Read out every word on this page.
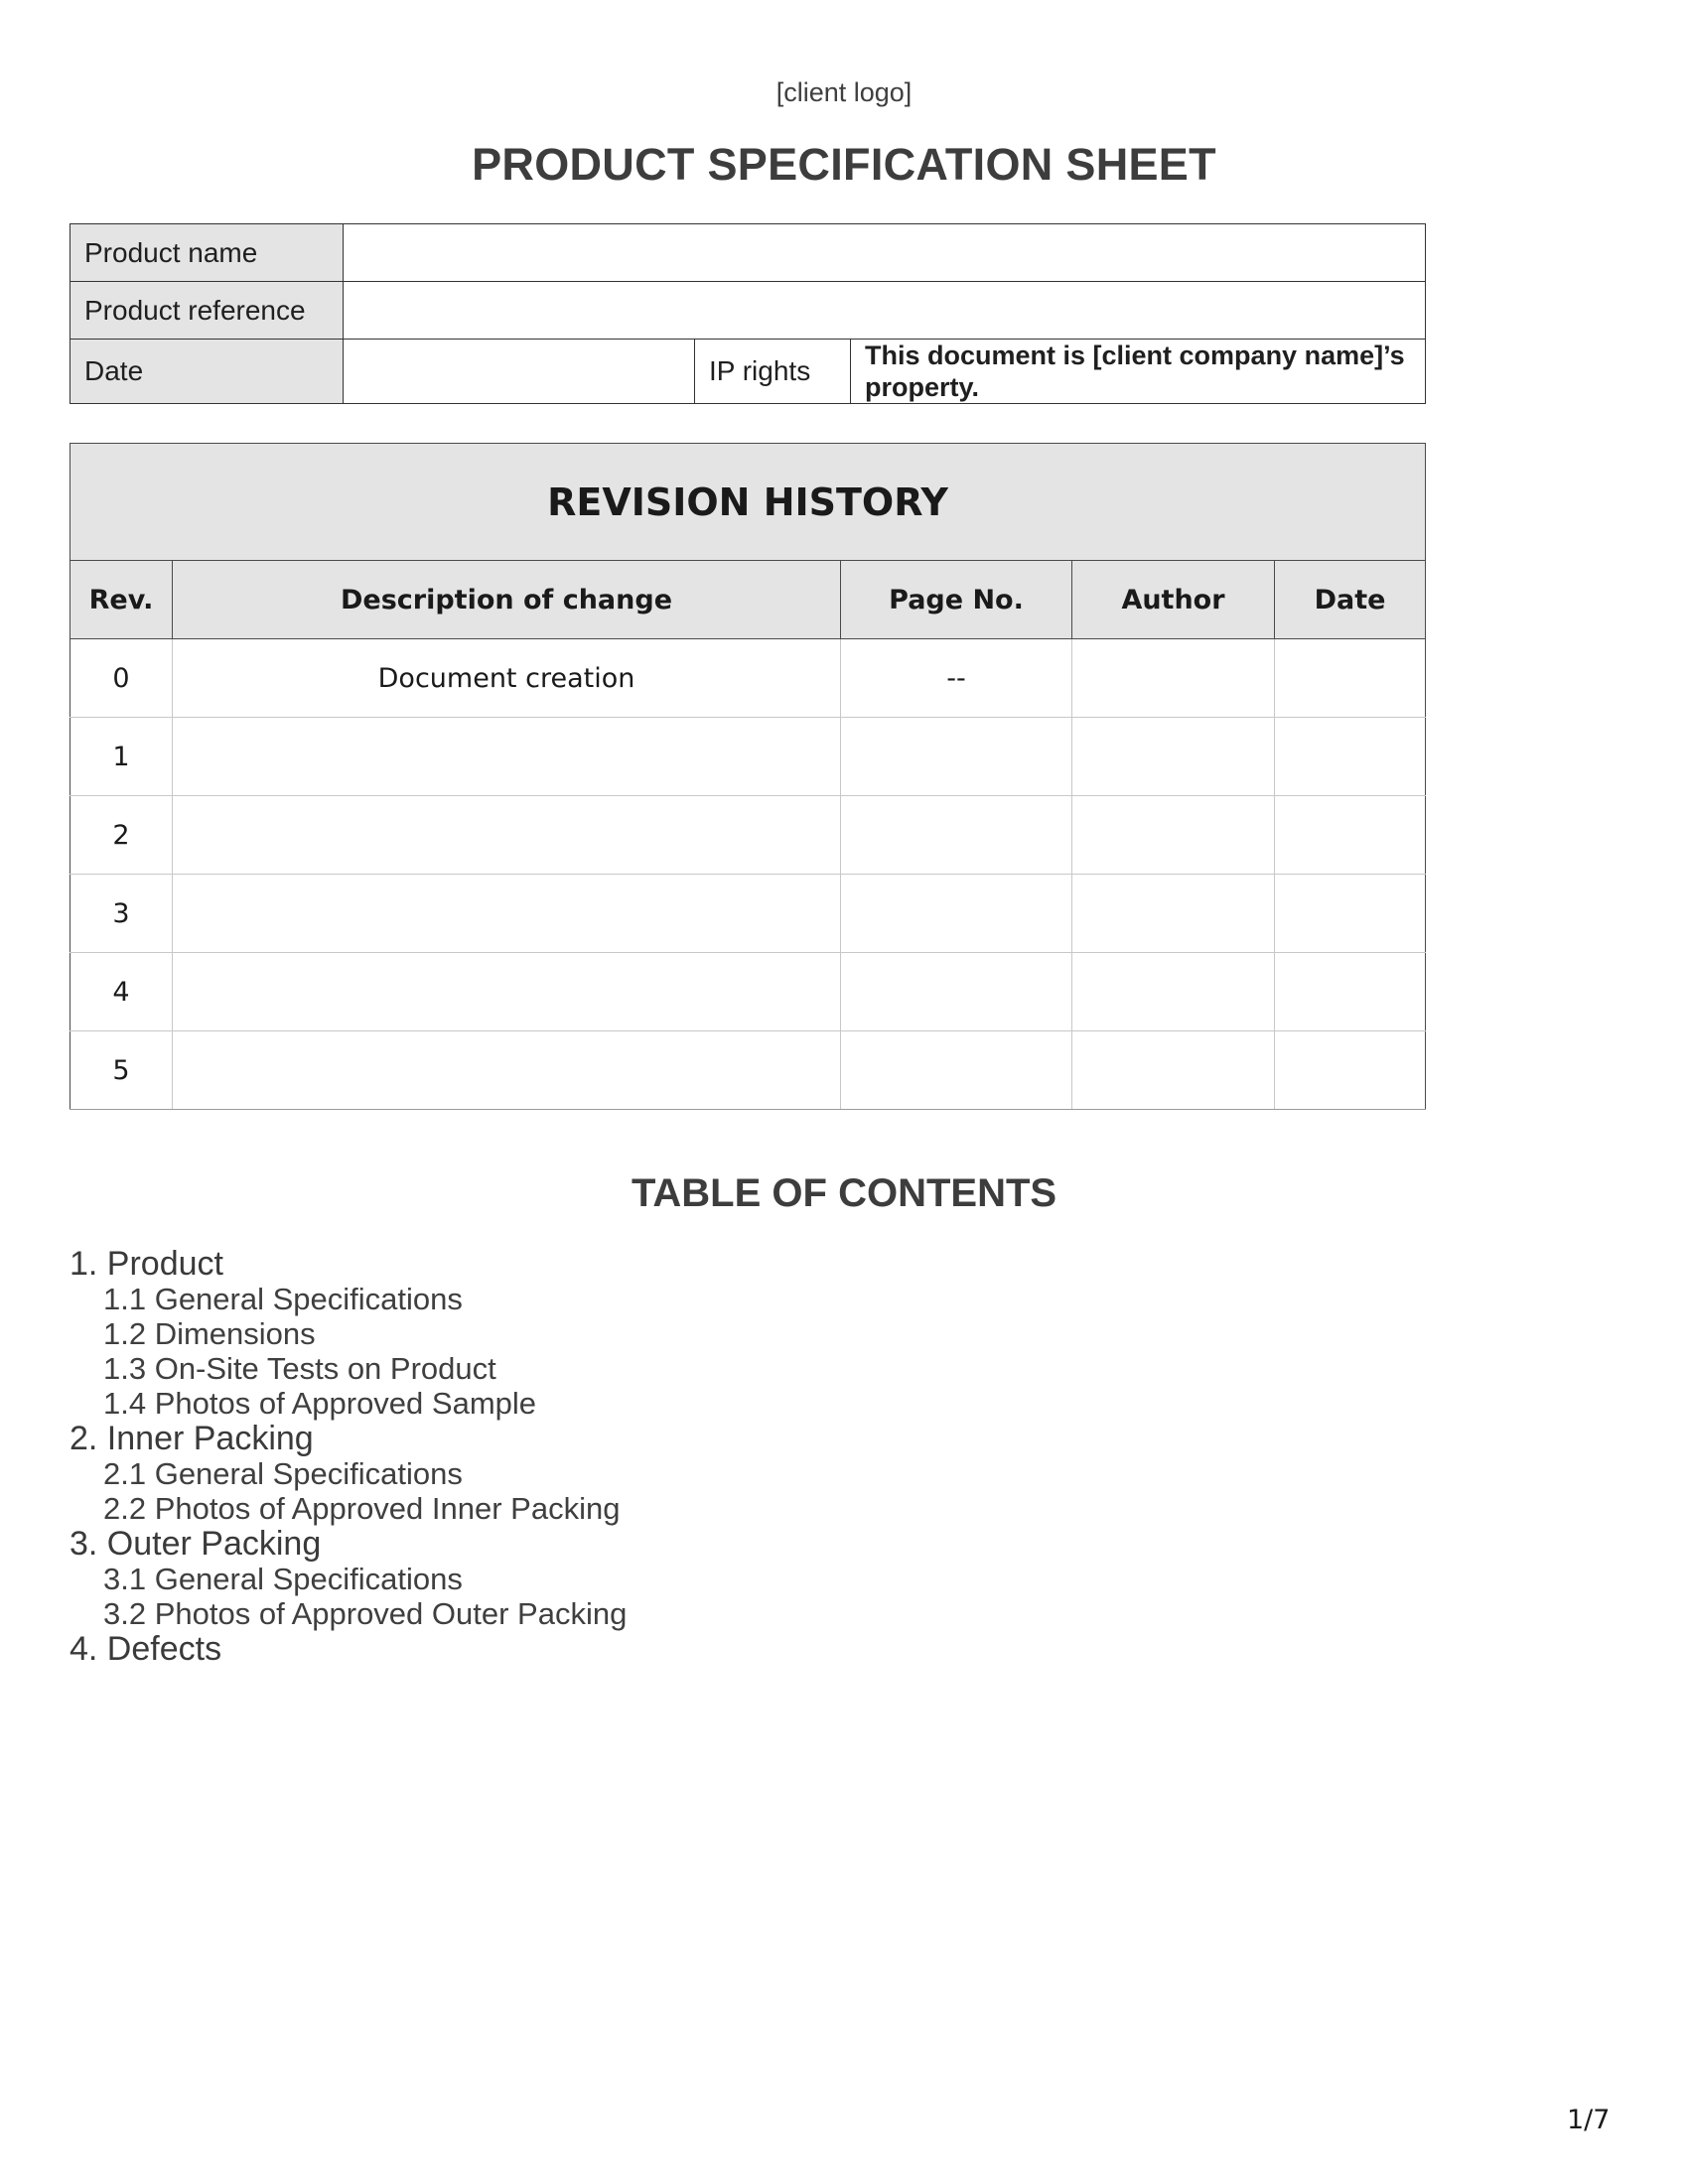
[client logo]
PRODUCT SPECIFICATION SHEET
Product name			
Product reference			
Date		IP rights	This document is [client company name]’s property.
REVISION HISTORY				
Rev.	Description of change	Page No.	Author	Date
0	Document creation	--		
1				
2				
3				
4				
5				
TABLE OF CONTENTS
1. Product
1.1 General Specifications
1.2 Dimensions
1.3 On-Site Tests on Product
1.4 Photos of Approved Sample
2. Inner Packing
2.1 General Specifications
2.2 Photos of Approved Inner Packing
3. Outer Packing
3.1 General Specifications
3.2 Photos of Approved Outer Packing
4. Defects
1/7
